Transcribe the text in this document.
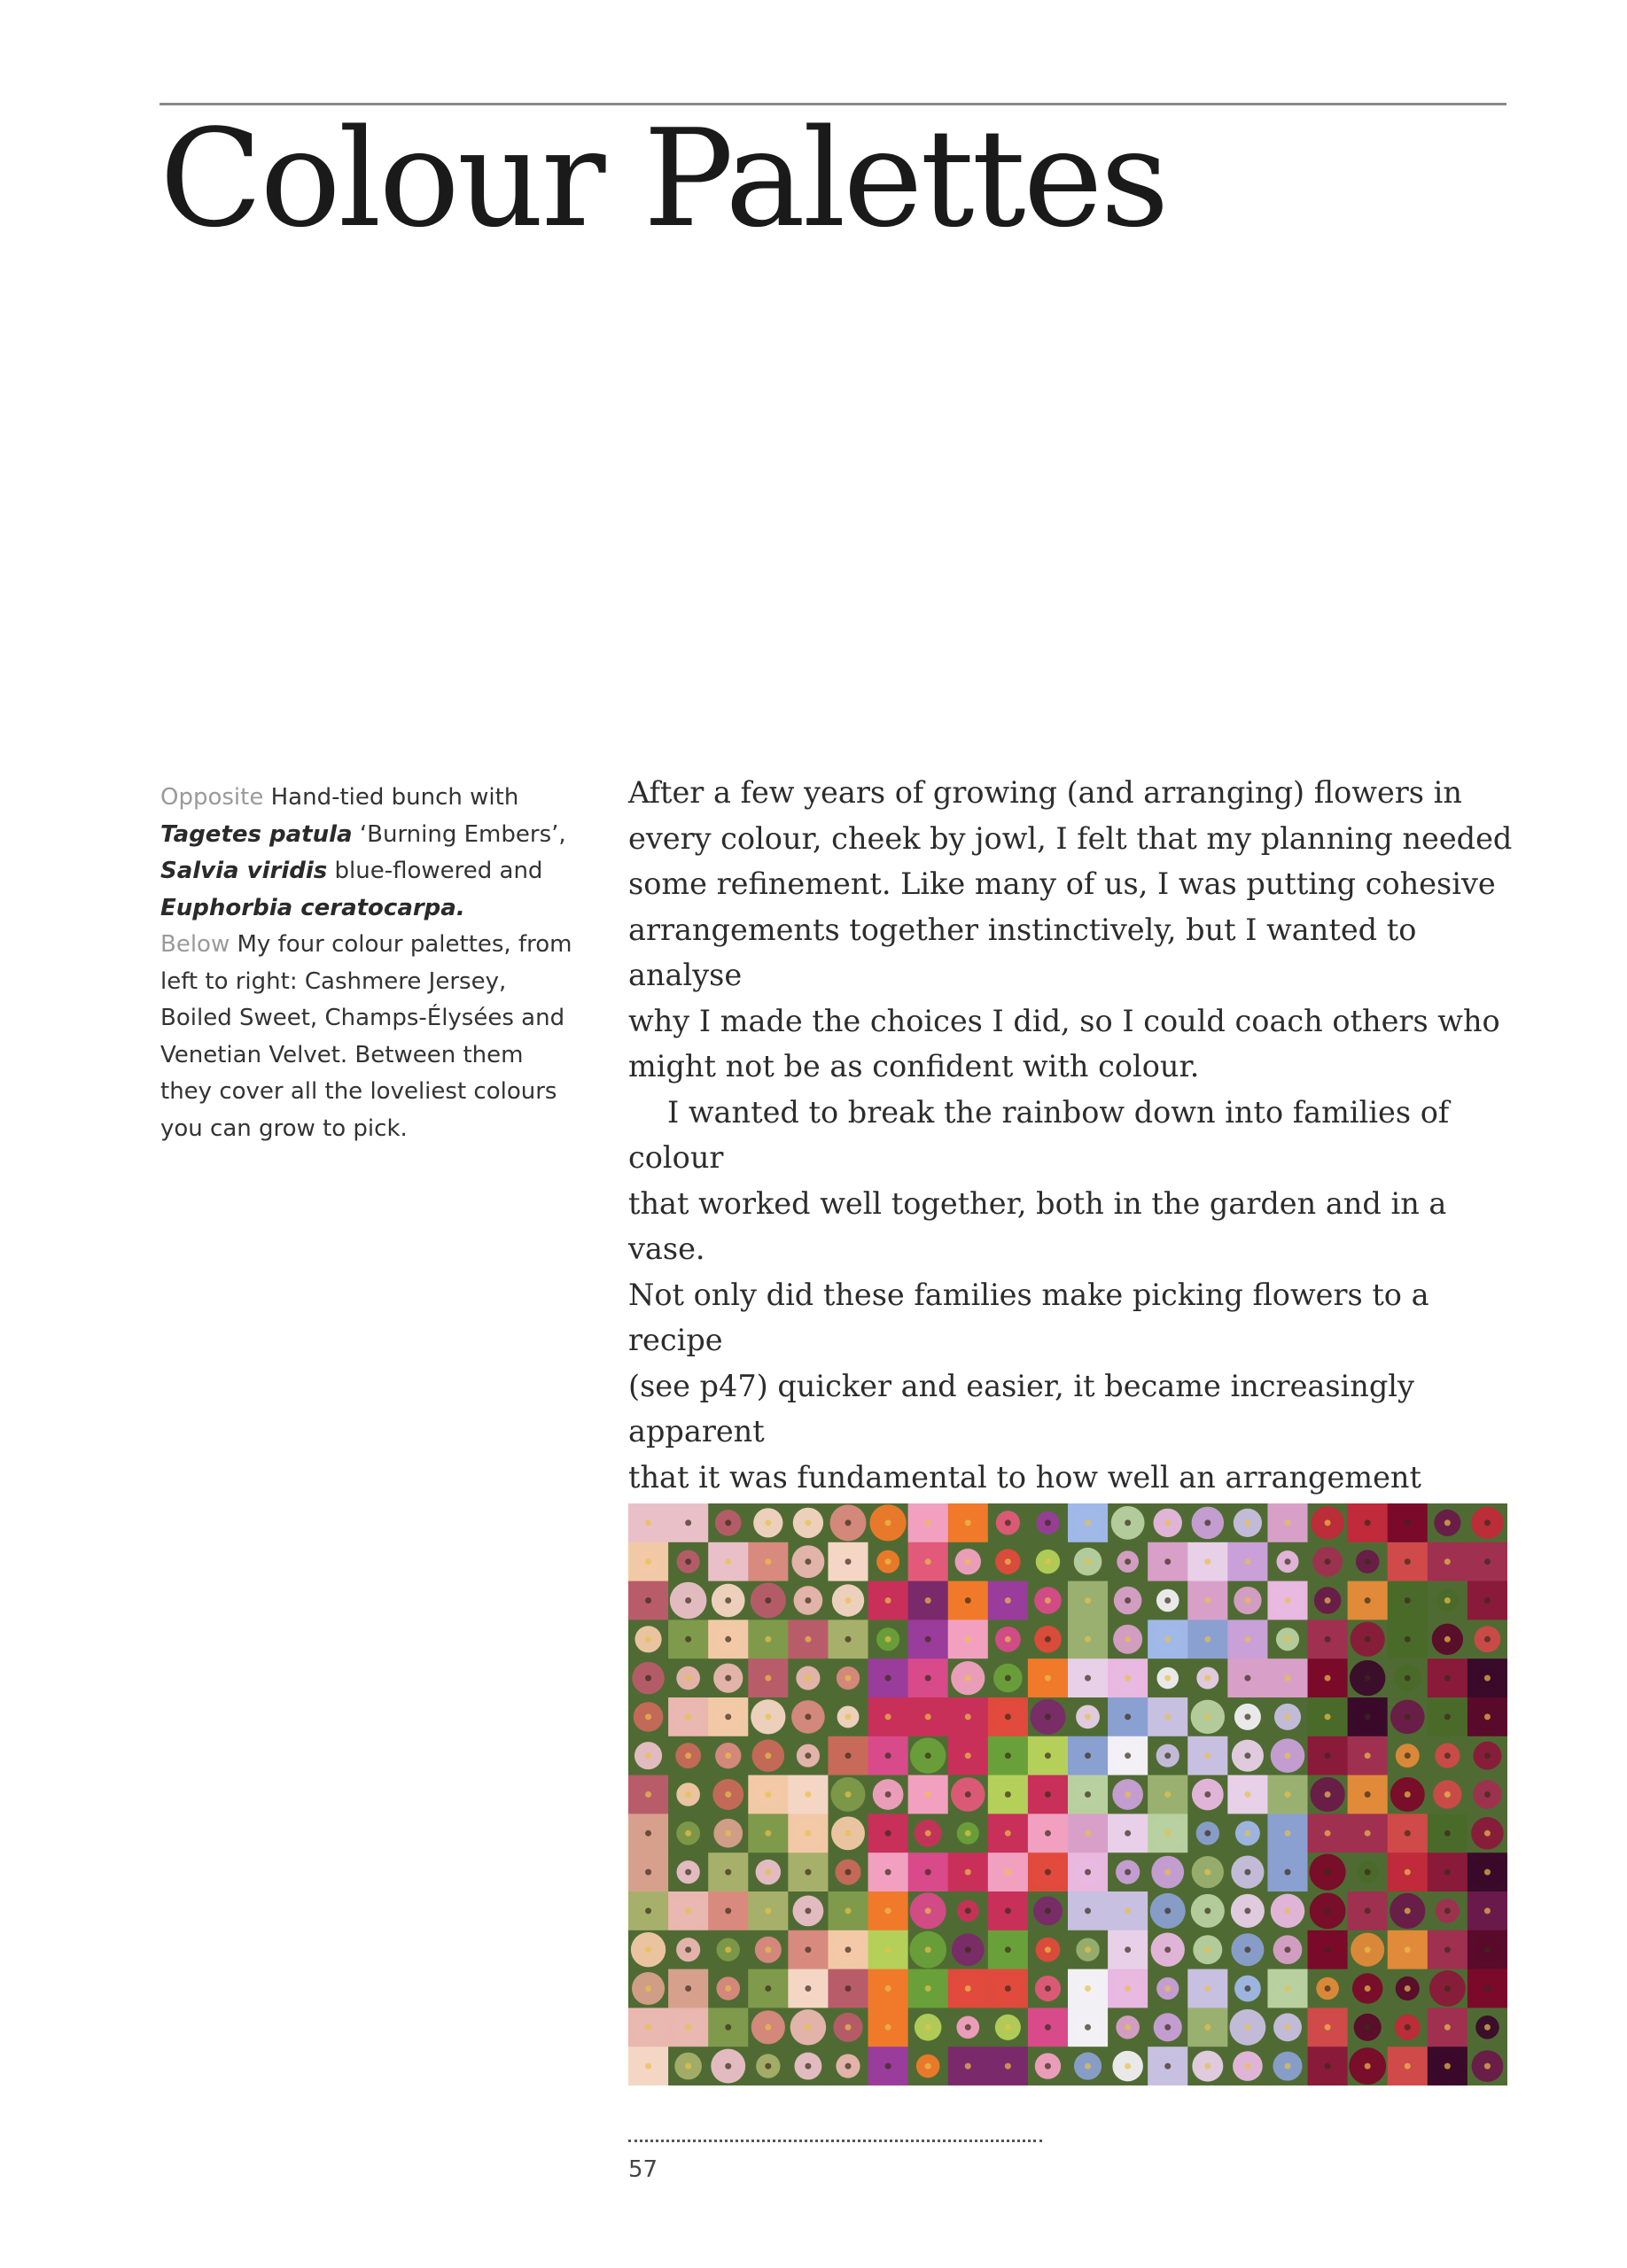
Colour Palettes

Opposite Hand-tied bunch with Tagetes patula ‘Burning Embers’, Salvia viridis blue-flowered and Euphorbia ceratocarpa.

Below My four colour palettes, from left to right: Cashmere Jersey, Boiled Sweet, Champs-Élysées and Venetian Velvet. Between them they cover all the loveliest colours you can grow to pick.

After a few years of growing (and arranging) flowers in
every colour, cheek by jowl, I felt that my planning needed
some refinement. Like many of us, I was putting cohesive
arrangements together instinctively, but I wanted to analyse
why I made the choices I did, so I could coach others who
might not be as confident with colour.

I wanted to break the rainbow down into families of colour
that worked well together, both in the garden and in a vase.
Not only did these families make picking flowers to a recipe
(see p47) quicker and easier, it became increasingly apparent
that it was fundamental to how well an arrangement

57
